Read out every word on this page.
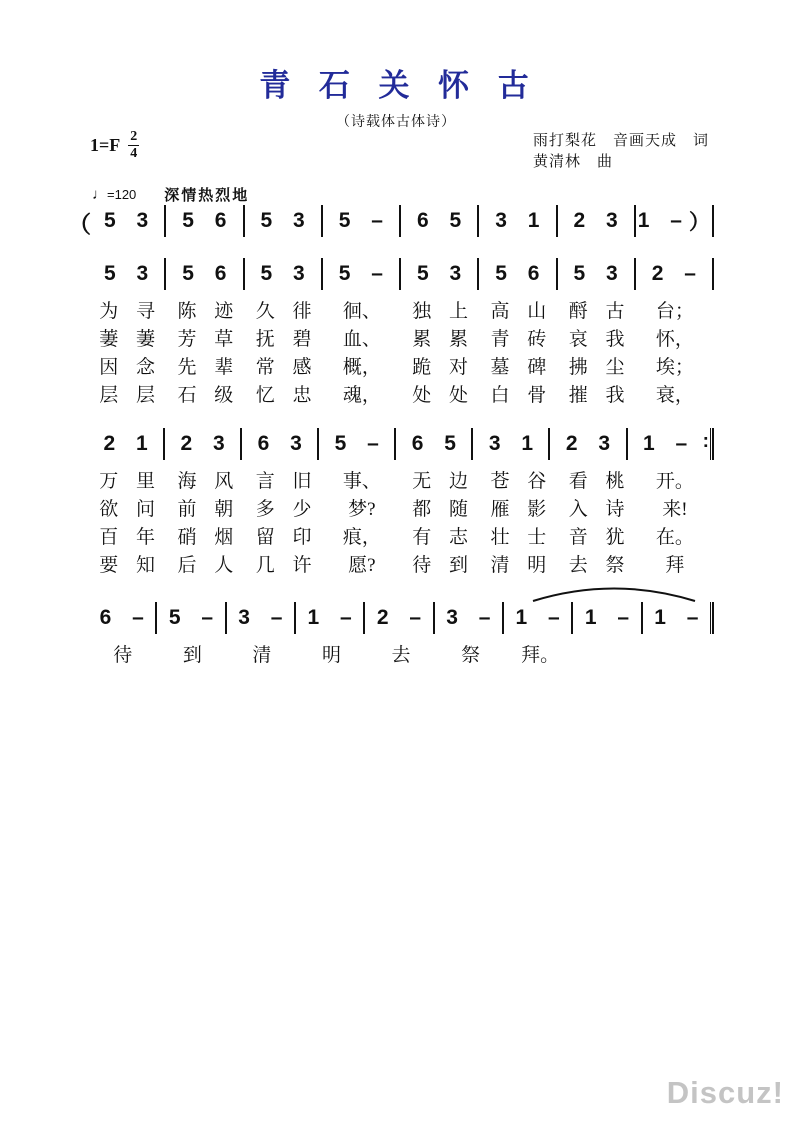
青 石 关 怀 古
（诗载体古体诗）
$1=F \frac{2}{4}$	雨打梨花　音画天成　词
黄清林　曲
♩ =120 深情热烈地
（ 5 3 5 6 5 3 5 – 6 5 3 1 2 3 1 – ）
5 3 5 6 5 3 5 – 5 3 5 6 5 3 2 –
为 寻	陈 迹	久 徘	徊、	独 上	高 山	酹 古	台；
萋 萋	芳 草	抚 碧	血、	累 累	青 砖	哀 我	怀，
因 念	先 辈	常 感	概，	跪 对	墓 碑	拂 尘	埃；
层 层	石 级	忆 忠	魂，	处 处	白 骨	摧 我	衰，
2 1 2 3 6 3 5 – 6 5 3 1 2 3 1 – :
万 里	海 风	言 旧	事、	无 边	苍 谷	看 桃	开。
欲 问	前 朝	多 少	梦?	都 随	雁 影	入 诗	来!
百 年	硝 烟	留 印	痕，	有 志	壮 士	音 犹	在。
要 知	后 人	几 许	愿?	待 到	清 明	去 祭	拜
6 – 5 – 3 – 1 – 2 – 3 – 1 – 1 – 1 –
待	到	清	明	去	祭	拜。
Discuz!
